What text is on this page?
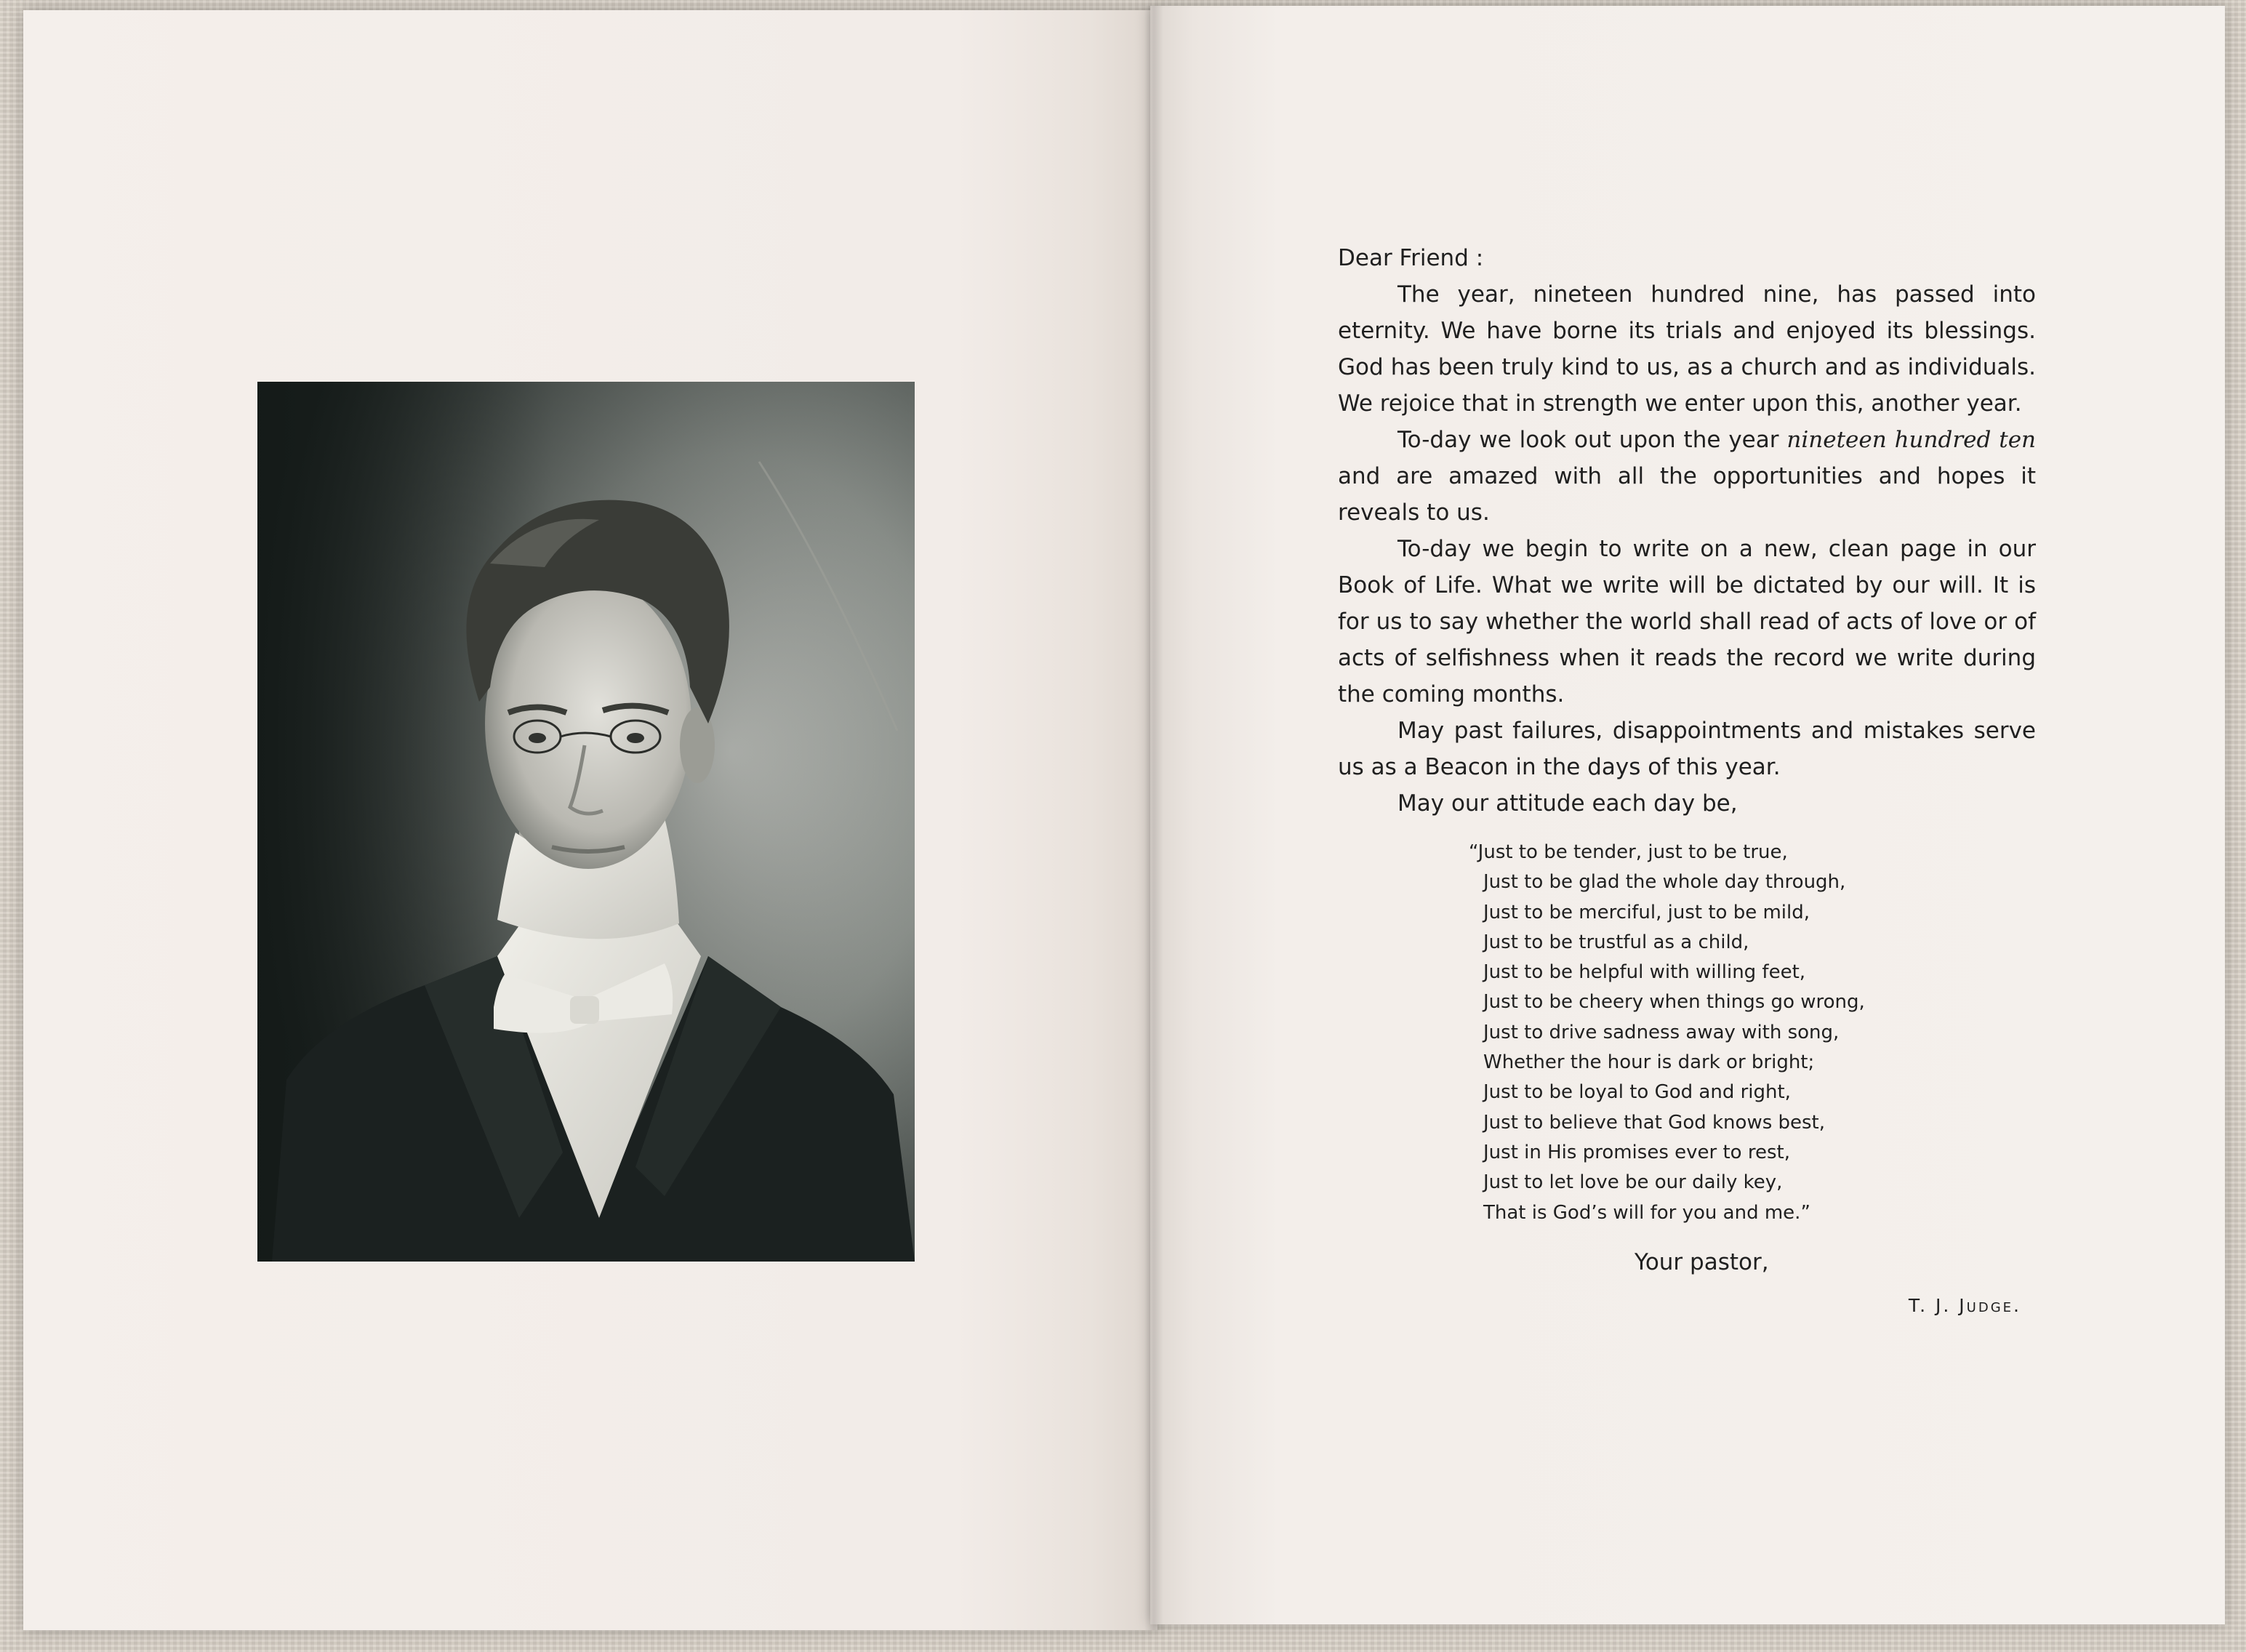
Dear Friend :

The year, nineteen hundred nine, has passed into eternity. We have borne its trials and enjoyed its blessings. God has been truly kind to us, as a church and as individuals. We rejoice that in strength we enter upon this, another year.

To-day we look out upon the year nineteen hundred ten and are amazed with all the opportunities and hopes it reveals to us.

To-day we begin to write on a new, clean page in our Book of Life. What we write will be dictated by our will. It is for us to say whether the world shall read of acts of love or of acts of selfishness when it reads the record we write during the coming months.

May past failures, disappointments and mistakes serve us as a Beacon in the days of this year.

May our attitude each day be,

“Just to be tender, just to be true,
Just to be glad the whole day through,
Just to be merciful, just to be mild,
Just to be trustful as a child,
Just to be helpful with willing feet,
Just to be cheery when things go wrong,
Just to drive sadness away with song,
Whether the hour is dark or bright;
Just to be loyal to God and right,
Just to believe that God knows best,
Just in His promises ever to rest,
Just to let love be our daily key,
That is God’s will for you and me.”

Your pastor,

T. J. Judge.
